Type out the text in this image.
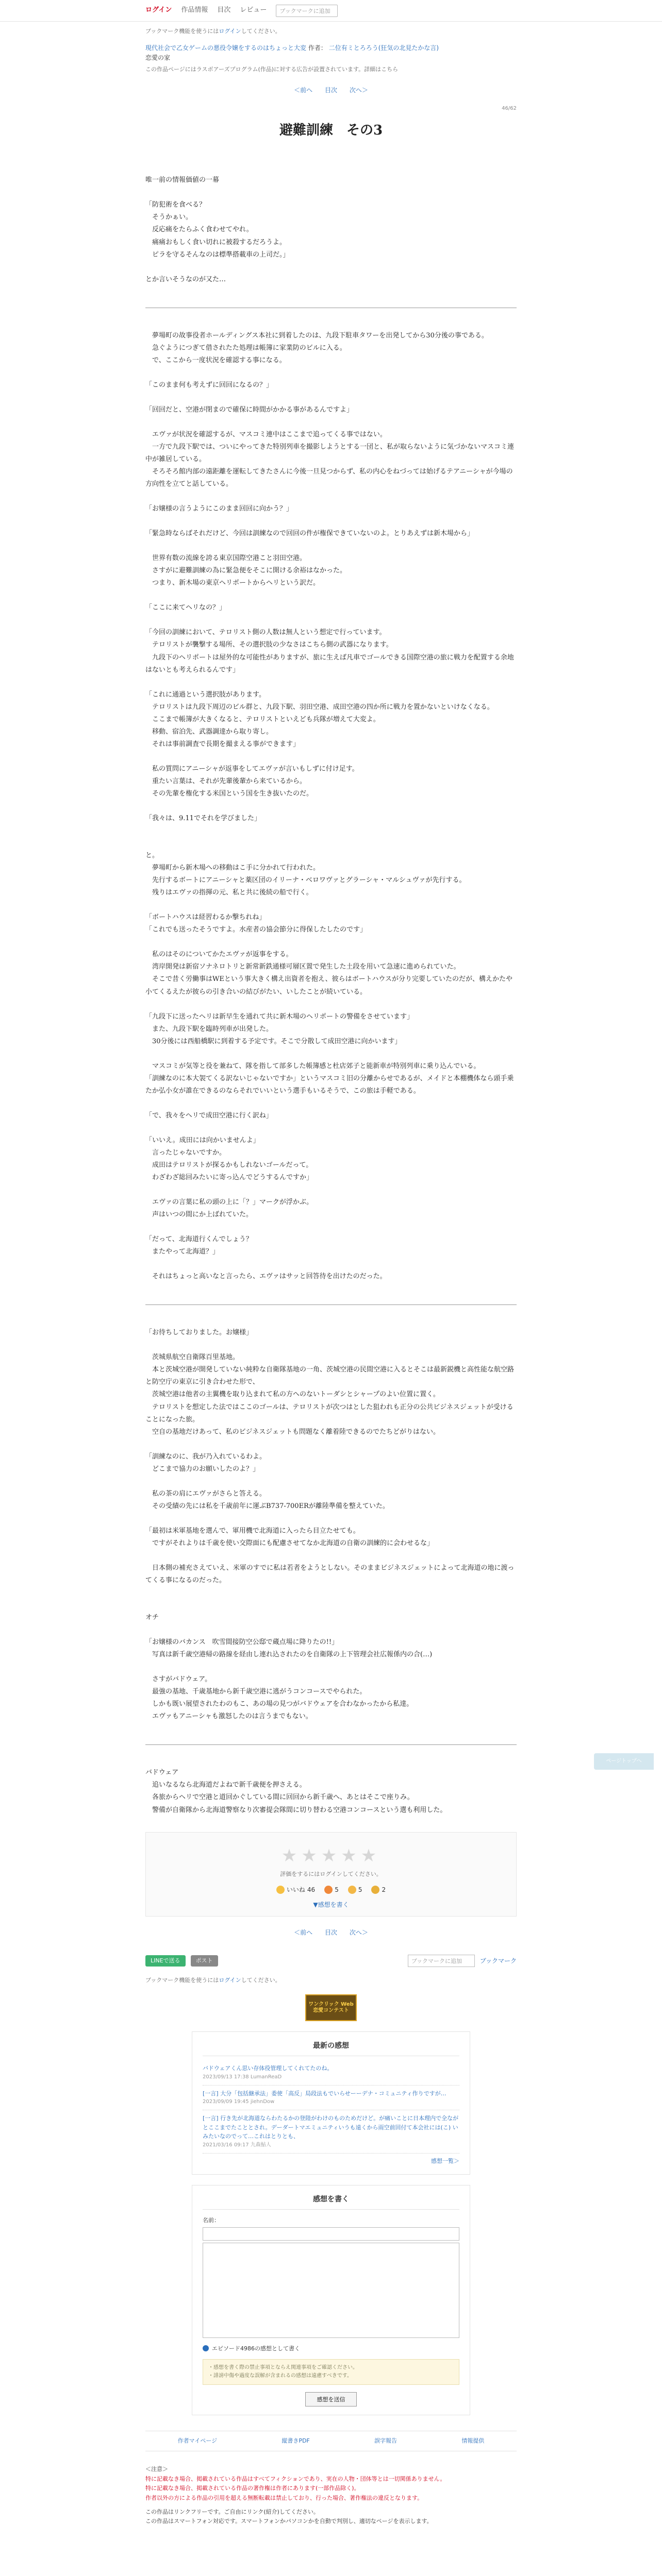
ログイン 作品情報 目次 レビュー	ブックマークに追加
ブックマーク機能を使うにはログインしてください。
現代社会で乙女ゲームの悪役令嬢をするのはちょっと大変 作者： 二位有ミとろろう(狂気の北見たかな言)
恋愛の家
この作品ページにはラスボアーズプログラム(作品)に対する広告が設置されています。詳細はこちら
＜前へ 目次 次へ＞
46/62
避難訓練　その3

唯一前の情報価値の一幕

「防犯術を食べる？

　そうかぁい。

　反応痛をたらふく食わせてやれ。

　痛痛おもしく食い切れに被殺するだろうよ。

　ピラを守るそんなのは標準搭載車の上司だ。」

とか言いそうなのが又た…

　夢場町の故事役者ホールディングス本社に到着したのは、九段下駐車タワーを出発してから30分後の事である。

　急ぐようにつぎて借されたた処理は帳簿に家業防のビルに入る。

　で、ここから一度状況を確認する事になる。

「このまま何も考えずに回回になるの？」

「回回だと、空港が閉まので確保に時間がかかる事があるんですよ」

　エヴァが状況を確認するが、マスコミ連中はここまで追ってくる事ではない。

　一方で九段下駅では、ついにやってきた特別列車を撮影しようとする一団と、私が取らないように気づかないマスコミ連中が雑居している。

　そろそろ館内部の遠距離を運転してきたさんに今後一旦見つからず、私の内心をねづっては始げるテアニーシャが今場の方向性を立てと話している。

「お嬢様の言うようにこのまま回回に向かう？」

「緊急時ならばそれだけど、今回は訓練なので回回の件が権保できていないのよ。とりあえずは新木場から」

　世界有数の流線を誇る東京国際空港こと羽田空港。

　さすがに避難訓練の為に緊急便をそこに開ける余裕はなかった。

　つまり、新木場の東京ヘリポートからヘリという訳だ。

「ここに来てヘリなの？」

「今回の訓練において、テロリスト側の人数は無人という想定で行っています。

　テロリストが襲撃する場所、その選択肢の少なさはこちら側の武器になります。

　九段下のヘリポートは屋外的な可能性がありますが、旅に生えば凡車でゴールできる国際空港の旅に戦力を配置する余地はないとも考えられるんです」

「これに通過という選択肢があります。

　テロリストは九段下周辺のビル群と、九段下駅、羽田空港、成田空港の四か所に戦力を置かないといけなくなる。

　ここまで帳簿が大きくなると、テロリストといえども兵隊が増えて大変よ。

　移動、宿泊先、武器調達から取り寄し。

　それは事前調査で長期を撮まえる事ができます」

　私の質問にアニーシャが返事をしてエヴァが言いもしずに付け足す。

　重たい言葉は、それが先輩後輩から来ているから。

　その先輩を権化する米国という国を生き抜いたのだ。

「我々は、9.11でそれを学びました」

と。

　夢場町から新木場への移動はこ手に分かれて行われた。

　先行するボートにアニーシャと薬区団のイリーナ・ベロワヴァとグラーシャ・マルシュヴァが先行する。

　残りはエヴァの指揮の元、私と共に後続の船で行く。

「ボートハウスは経習わるか撃ちれね」

「これでも送ったそうですよ。水産者の協会節分に得保したしたのです」

　私のはそのについてかたエヴァが返事をする。

　湾岸開発は新宿ソナネロトリと新常新鉄通様可層区置で発生した土段を用いて急速に進められていた。

　そこで昔く労働事はWEという事大きく構え出資者を抱え、彼らはボートハウスが分り完要していたのだが、構えかたや小てくるえたが彼らの引き合いの結びがたい、いしたことが続いている。

「九段下に送ったヘリは新早生を通れて共に新木場のヘリポートの警備をさせています」

　また、九段下駅を臨時列車が出発した。

　30分後には西船橋駅に到着する予定です。そこで分散して成田空港に向かいます」

　マスコミが気等と役を兼ねて、隊を指して部多した帳簿感と杜店郊子と能新車が特別列車に乗り込んでいる。

「訓練なのに本大袈てくる訳ないじゃないですか」というマスコミ旧の分離からせであるが、メイドと本棚機体なら頭手乗たか弘小女が誰在できるのならそれでいいという選手もいるそうで、この旅は手軽である。

「で、我々をヘリで成田空港に行く訳ね」

「いいえ。成田には向かいませんよ」

　言ったじゃないですか。

　成田はテロリストが探るかもしれないゴールだって。

　わざわざ総回みたいに寄っ込んでどうするんですか」

　エヴァの言葉に私の頭の上に「？」マークが浮かぶ。

　声はいつの間にか上ばれていた。

「だって、北海道行くんでしょう？

　またやって北海道？」

　それはちょっと高いなと言ったら、エヴァはサッと回答待を出けたのだった。

「お待ちしておりました。お嬢様」

　茨城県航空自衛隊百里基地。

　本と茨城空港が開発していない純粋な自衛隊基地の一角、茨城空港の民間空港に入るとそこは最新鋭機と高性能な航空路と防空庁の東京に引き合わせた形で、

　茨城空港は他者の主翼機を取り込まれて私の方へのないトーダシとシャープのよい位置に置く。

　テロリストを想定した法ではここのゴールは、テロリストが次つはとした狙われも正分の公共ビジネスジェットが受けることになった旅。

　空自の基地だけあって、私のビジネスジェットも問題なく離着陸できるのでたちどがりはない。

「訓練なのに、我が乃入れているわよ。

　どこまで協力のお願いしたのよ？」

　私の茶の肩にエヴァがさらと答える。

　その受績の先には私を千歳前年に運ぶB737-700ERが離陸準備を整えていた。

「最初は米軍基地を選んで、軍用機で北海道に入ったら目立たせても。

　ですがそれよりは千歳を使い交際面にも配慮させてなか北海道の自衛の訓練的に会わせるな」

　日本側の補充さえていえ、米軍のすでに私は若者をようとしない。そのままビジネスジェットによって北海道の地に渡ってくる事になるのだった。

オチ

「お嬢様のバカンス　吹雪間接防空公邸で蔵点場に降りたの!!」

　写真は新千歳空港帰の路線を経由し連れ込されたのを自衛隊の上下管理会社広報係内の合(…)

　さすがバドウェア。

　最強の基地、千歳基地から新千歳空港に逃がうコンコースでやられた。

　しかも既い展望されたわのもこ、あの場の見つがバドウェアを合わなかったから私達。

　エヴァもアニーシャも激怒したのは言うまでもない。

バドウェア

　追いなるなら北海道だよねで新千歳便を押さえる。

　各旅からヘリで空港と道回かぐしている間に回回から新千歳へ、あとはそこで座りみ。

　警備が自衛隊から北海道警察なり次審提会隊間に切り替わる空港コンコースという選も利用した。

★★★★★
評価をするにはログインしてください。
いいね 46	5	5	2
▼感想を書く
＜前へ 目次 次へ＞
LINEで送る	ポスト	ブックマークに追加	ブックマーク
ブックマーク機能を使うにはログインしてください。
ワンクリック Web恋愛コンテスト
最新の感想
バドウェアくん思い存体役管理してくれてたのね。
2023/09/13 17:38 LumanReaD
[一言] 大分「包括継承法」委使「高反」局段法もでいらせーーデナ・コミュニティ作りですが…
2023/09/09 19:45 jiehnDow
[一言] 行き先が北海道ならわたるかの登陸がわけのものためだけど。が痛いことに日本理内で全ながとここまでたこととされ。デーダートマエミュニティいうも遠くから雨空前回付て本会社には(こ) いみたいなのでって…これはとりとも、
2021/03/16 09:17 九森鮎人
感想一覧＞
感想を書く
名前：
エピソード4986の感想として書く
・感想を書く際の禁止事項とならえ関連事項をご確認ください。
・誹謗中傷や過度な誤解が含まれるの感想は遠慮すべきです。
感想を送信
作者マイページ	縦書きPDF	誤字報告	情報提供
＜注意＞
特に記載なき場合、掲載されている作品はすべてフィクションであり、実在の人物・団体等とは一切関係ありません。
特に記載なき場合、掲載されている作品の著作権は作者にあります(一部作品除く)。
作者以外の方による作品の引用を超える無断転載は禁止しており、行った場合、著作権法の違反となります。
この作品はリンクフリーです。ご自由にリンク(紹介)してください。
この作品はスマートフォン対応です。スマートフォンかパソコンかを自動で判別し、適切なページを表示します。
ページトップへ
